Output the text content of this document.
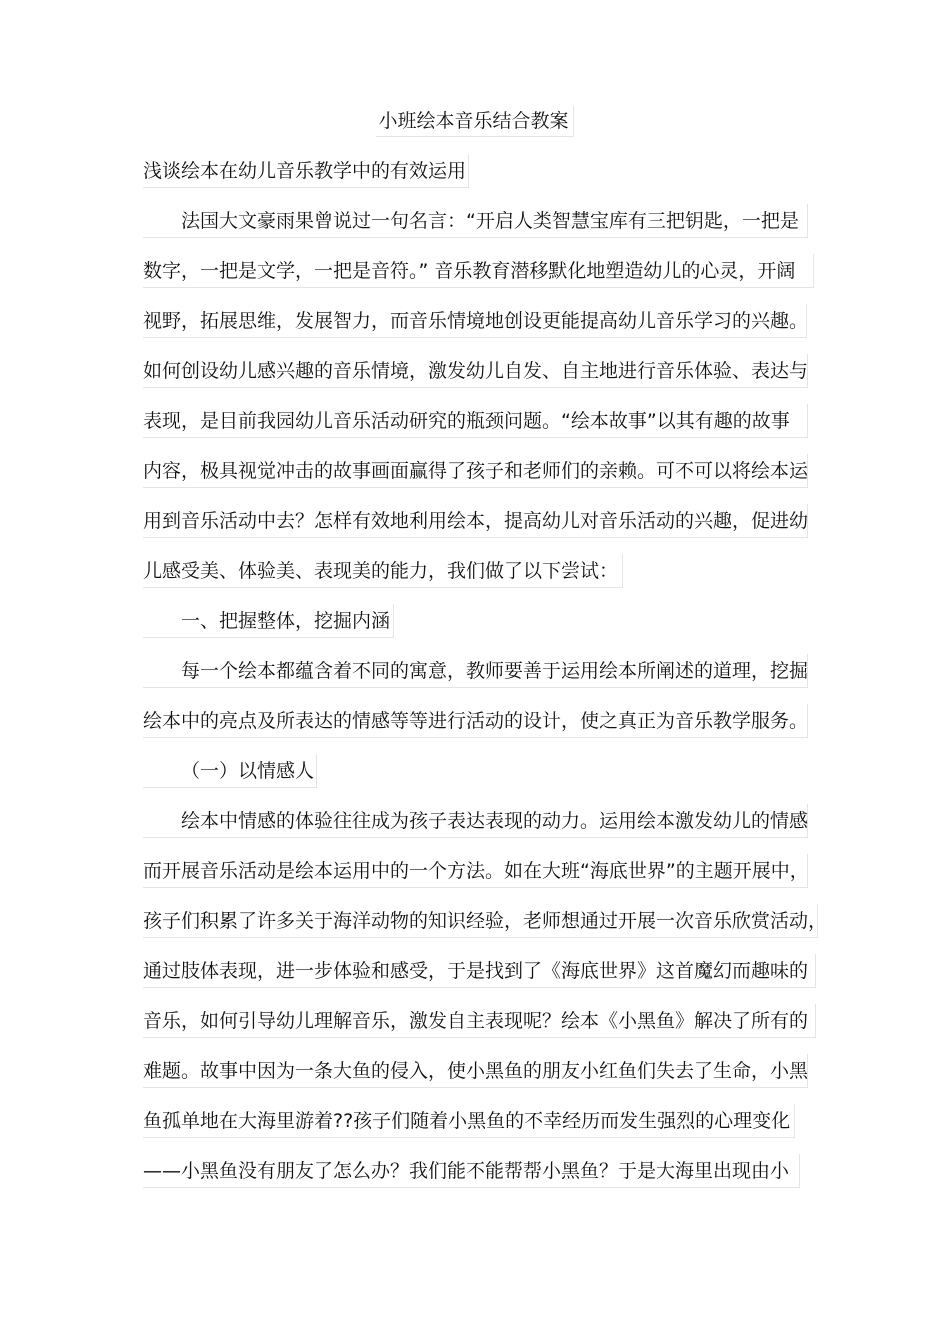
小班绘本音乐结合教案
浅谈绘本在幼儿音乐教学中的有效运用
法国大文豪雨果曾说过一句名言：“开启人类智慧宝库有三把钥匙，一把是
数字，一把是文学，一把是音符。” 音乐教育潜移默化地塑造幼儿的心灵，开阔
视野，拓展思维，发展智力，而音乐情境地创设更能提高幼儿音乐学习的兴趣。
如何创设幼儿感兴趣的音乐情境，激发幼儿自发、自主地进行音乐体验、表达与
表现，是目前我园幼儿音乐活动研究的瓶颈问题。“绘本故事”以其有趣的故事
内容，极具视觉冲击的故事画面赢得了孩子和老师们的亲赖。可不可以将绘本运
用到音乐活动中去？怎样有效地利用绘本，提高幼儿对音乐活动的兴趣，促进幼
儿感受美、体验美、表现美的能力，我们做了以下尝试：
一、把握整体，挖掘内涵
每一个绘本都蕴含着不同的寓意，教师要善于运用绘本所阐述的道理，挖掘
绘本中的亮点及所表达的情感等等进行活动的设计，使之真正为音乐教学服务。
（一）以情感人
绘本中情感的体验往往成为孩子表达表现的动力。运用绘本激发幼儿的情感
而开展音乐活动是绘本运用中的一个方法。如在大班“海底世界”的主题开展中，
孩子们积累了许多关于海洋动物的知识经验，老师想通过开展一次音乐欣赏活动，
通过肢体表现，进一步体验和感受，于是找到了《海底世界》这首魔幻而趣味的
音乐，如何引导幼儿理解音乐，激发自主表现呢？绘本《小黑鱼》解决了所有的
难题。故事中因为一条大鱼的侵入，使小黑鱼的朋友小红鱼们失去了生命，小黑
鱼孤单地在大海里游着??孩子们随着小黑鱼的不幸经历而发生强烈的心理变化
——小黑鱼没有朋友了怎么办？我们能不能帮帮小黑鱼？于是大海里出现由小
